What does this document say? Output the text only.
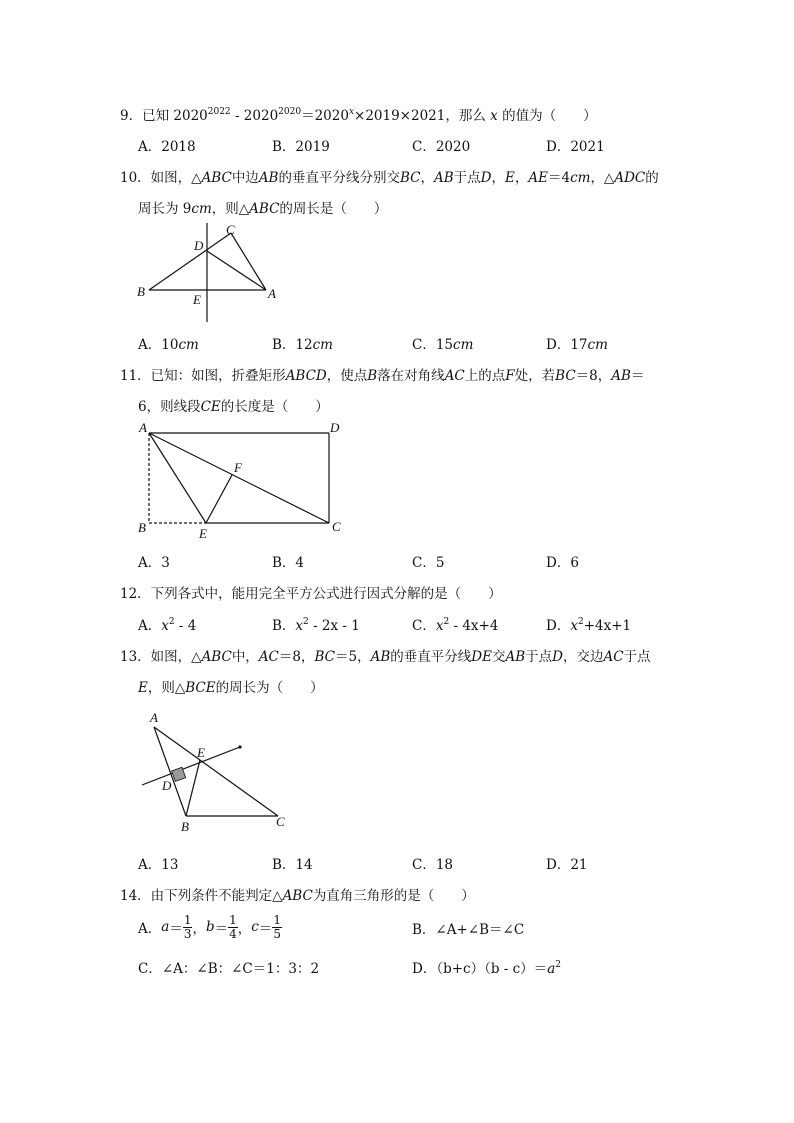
9．已知 $2020^{2022} - 2020^{2020}=2020^x\times 2019\times 2021$，那么 x 的值为（　　）
A．2018	B．2019	C．2020	D．2021
10．如图，△ABC中边AB的垂直平分线分别交BC，AB于点D，E，AE＝4cm，△ADC的
周长为 9cm，则△ABC的周长是（　　）
C
D
B
E	A
A．10cm	B．12cm	C．15cm	D．17cm
11．已知：如图，折叠矩形ABCD，使点B落在对角线AC上的点F处，若BC＝8，AB＝
6，则线段CE的长度是（　　）
A	D
F
B	E	C
A．3	B．4	C．5	D．6
12．下列各式中，能用完全平方公式进行因式分解的是（　　）
A．$x^2 - 4$	B．$x^2 - 2x - 1$	C．$x^2 - 4x+4$	D．$x^2+4x+1$
13．如图，△ABC中，AC＝8，BC＝5，AB的垂直平分线DE交AB于点D，交边AC于点
E，则△BCE的周长为（　　）
A
E
D
B	C
A．13	B．14	C．18	D．21
14．由下列条件不能判定△ABC为直角三角形的是（　　）
A． $a = \frac{1}{3}$ ， $b = \frac{1}{4}$ ， $c = \frac{1}{5}$	B．∠A+∠B＝∠C
C．∠A：∠B：∠C＝1：3：2	D．$(b+c)(b - c)=a^2$
